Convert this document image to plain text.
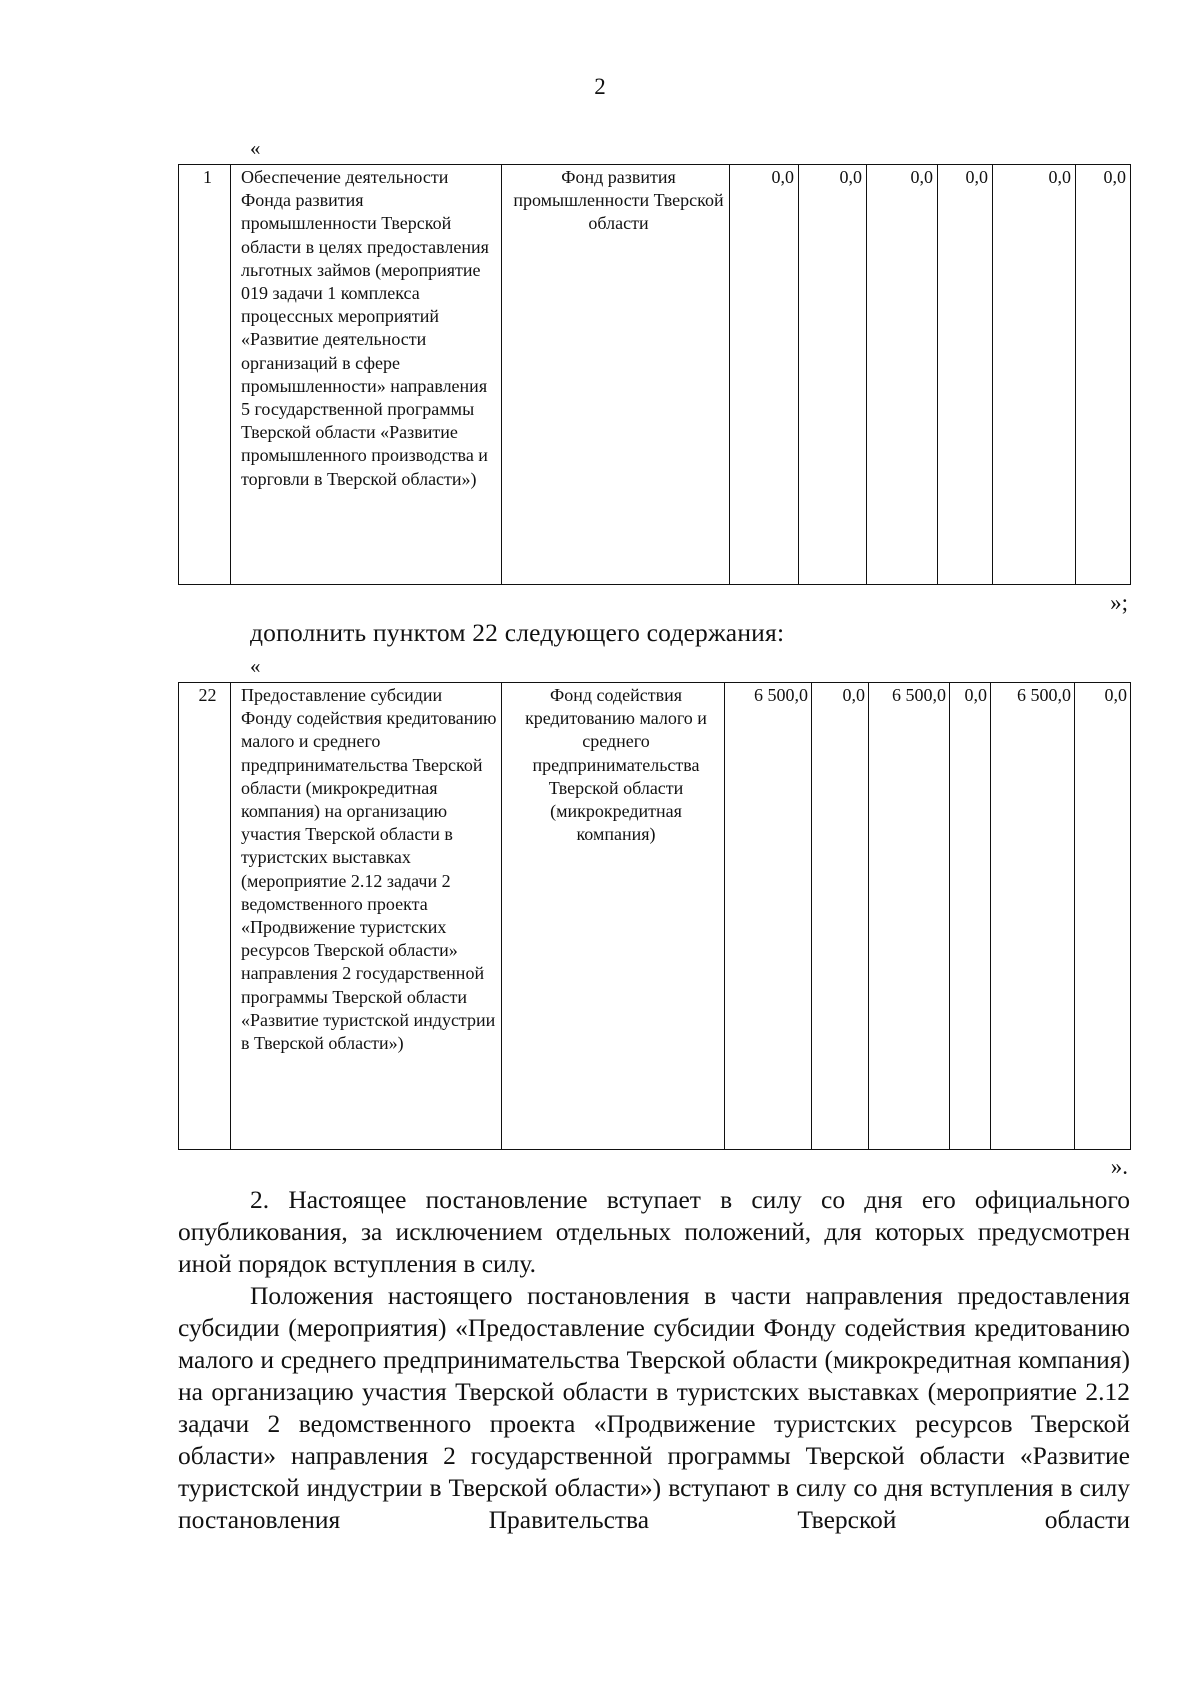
2
«
1	Обеспечение деятельности Фонда развития промышленности Тверской области в целях предоставления льготных займов (мероприятие 019 задачи 1 комплекса процессных мероприятий «Развитие деятельности организаций в сфере промышленности» направления 5 государственной программы Тверской области «Развитие промышленного производства и торговли в Тверской области»)	Фонд развития промышленности Тверской области	0,0	0,0	0,0	0,0	0,0	0,0
»;
дополнить пунктом 22 следующего содержания:
«
22	Предоставление субсидии Фонду содействия кредитованию малого и среднего предпринимательства Тверской области (микрокредитная компания) на организацию участия Тверской области в туристских выставках (мероприятие 2.12 задачи 2 ведомственного проекта «Продвижение туристских ресурсов Тверской области» направления 2 государственной программы Тверской области «Развитие туристской индустрии в Тверской области»)	Фонд содействия кредитованию малого и среднего предпринимательства Тверской области (микрокредитная компания)	6 500,0	0,0	6 500,0	0,0	6 500,0	0,0
».

2. Настоящее постановление вступает в силу со дня его официального опубликования, за исключением отдельных положений, для которых предусмотрен иной порядок вступления в силу.

Положения настоящего постановления в части направления предоставления субсидии (мероприятия) «Предоставление субсидии Фонду содействия кредитованию малого и среднего предпринимательства Тверской области (микрокредитная компания) на организацию участия Тверской области в туристских выставках (мероприятие 2.12 задачи 2 ведомственного проекта «Продвижение туристских ресурсов Тверской области» направления 2 государственной программы Тверской области «Развитие туристской индустрии в Тверской области») вступают в силу со дня вступления в силу постановления Правительства Тверской области
